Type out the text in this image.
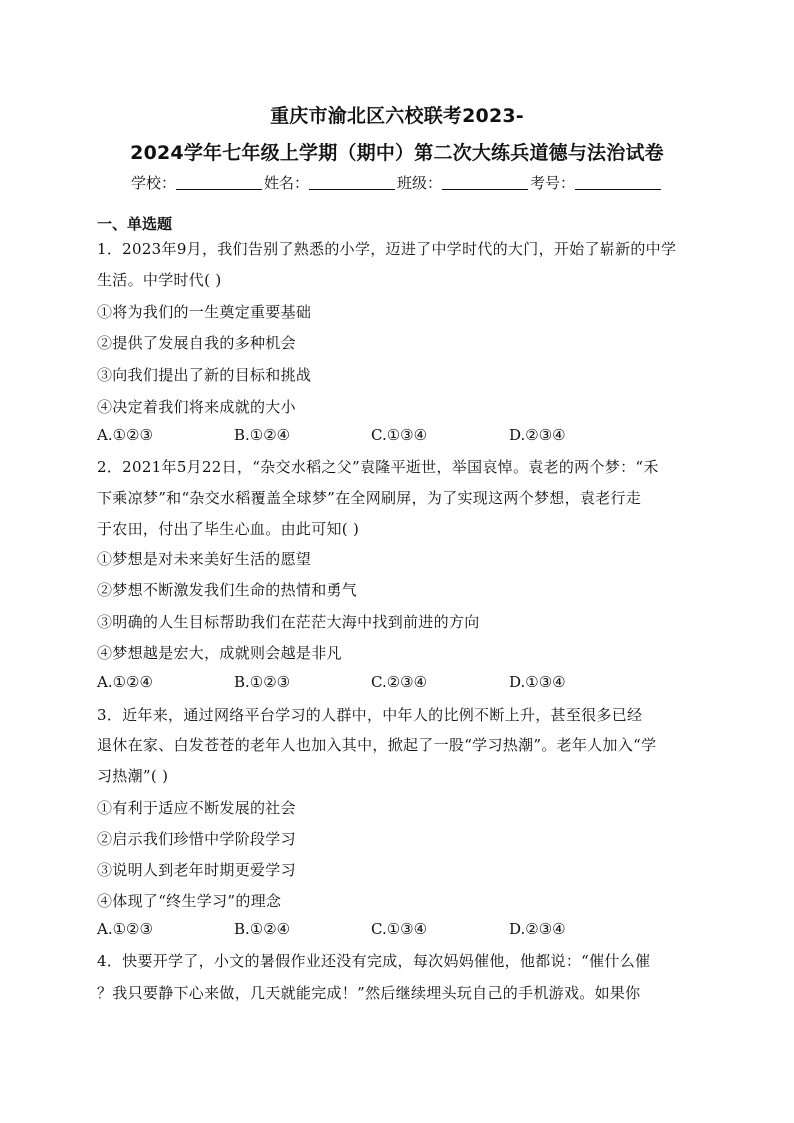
重庆市渝北区六校联考2023-
2024学年七年级上学期（期中）第二次大练兵道德与法治试卷
学校：	姓名：	班级：	考号：
一、单选题
1．2023年9月，我们告别了熟悉的小学，迈进了中学时代的大门，开始了崭新的中学
生活。中学时代( )
①将为我们的一生奠定重要基础
②提供了发展自我的多种机会
③向我们提出了新的目标和挑战
④决定着我们将来成就的大小
A.①②③	B.①②④	C.①③④	D.②③④
2．2021年5月22日，“杂交水稻之父”袁隆平逝世，举国哀悼。袁老的两个梦：“禾
下乘凉梦”和“杂交水稻覆盖全球梦”在全网刷屏，为了实现这两个梦想，袁老行走
于农田，付出了毕生心血。由此可知( )
①梦想是对未来美好生活的愿望
②梦想不断激发我们生命的热情和勇气
③明确的人生目标帮助我们在茫茫大海中找到前进的方向
④梦想越是宏大，成就则会越是非凡
A.①②④	B.①②③	C.②③④	D.①③④
3．近年来，通过网络平台学习的人群中，中年人的比例不断上升，甚至很多已经
退休在家、白发苍苍的老年人也加入其中，掀起了一股“学习热潮”。老年人加入“学
习热潮”( )
①有利于适应不断发展的社会
②启示我们珍惜中学阶段学习
③说明人到老年时期更爱学习
④体现了“终生学习”的理念
A.①②③	B.①②④	C.①③④	D.②③④
4．快要开学了，小文的暑假作业还没有完成，每次妈妈催他，他都说：“催什么催
？我只要静下心来做，几天就能完成！”然后继续埋头玩自己的手机游戏。如果你
